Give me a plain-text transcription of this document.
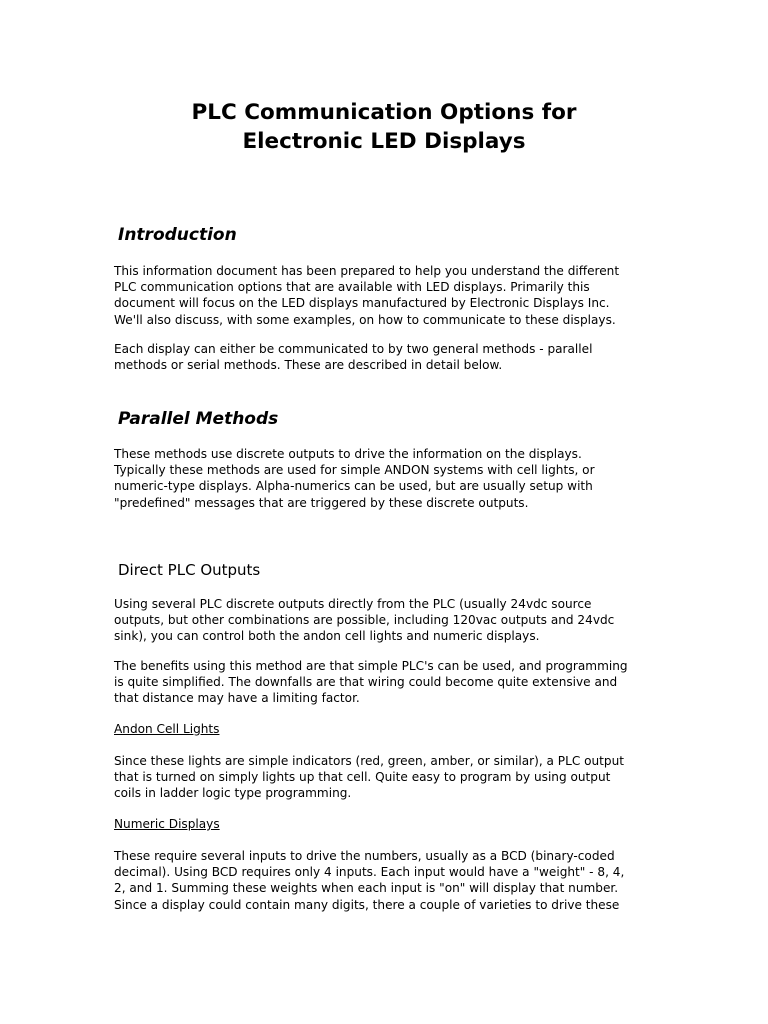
PLC Communication Options for
Electronic LED Displays
Introduction

This information document has been prepared to help you understand the different
PLC communication options that are available with LED displays. Primarily this
document will focus on the LED displays manufactured by Electronic Displays Inc.
We'll also discuss, with some examples, on how to communicate to these displays.

Each display can either be communicated to by two general methods - parallel
methods or serial methods. These are described in detail below.

Parallel Methods

These methods use discrete outputs to drive the information on the displays.
Typically these methods are used for simple ANDON systems with cell lights, or
numeric-type displays. Alpha-numerics can be used, but are usually setup with
"predefined" messages that are triggered by these discrete outputs.

Direct PLC Outputs

Using several PLC discrete outputs directly from the PLC (usually 24vdc source
outputs, but other combinations are possible, including 120vac outputs and 24vdc
sink), you can control both the andon cell lights and numeric displays.

The benefits using this method are that simple PLC's can be used, and programming
is quite simplified. The downfalls are that wiring could become quite extensive and
that distance may have a limiting factor.

Andon Cell Lights

Since these lights are simple indicators (red, green, amber, or similar), a PLC output
that is turned on simply lights up that cell. Quite easy to program by using output
coils in ladder logic type programming.

Numeric Displays

These require several inputs to drive the numbers, usually as a BCD (binary-coded
decimal). Using BCD requires only 4 inputs. Each input would have a "weight" - 8, 4,
2, and 1. Summing these weights when each input is "on" will display that number.
Since a display could contain many digits, there a couple of varieties to drive these
